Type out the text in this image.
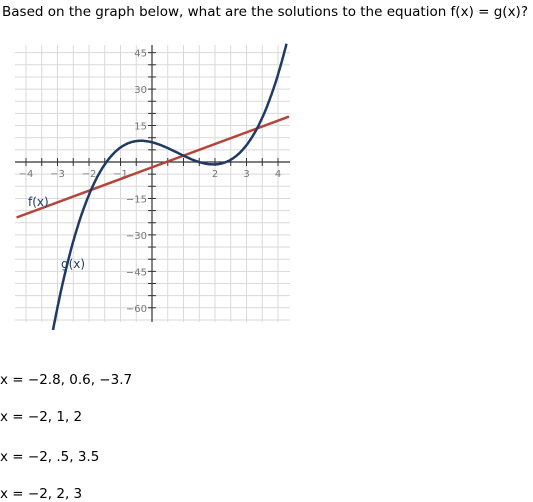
Based on the graph below, what are the solutions to the equation f(x) = g(x)?
−4 −3 −2 −1	2	3	4
45
30
15
−15
−30
−45
−60
f(x)
g(x)
x = −2.8, 0.6, −3.7
x = −2, 1, 2
x = −2, .5, 3.5
x = −2, 2, 3
